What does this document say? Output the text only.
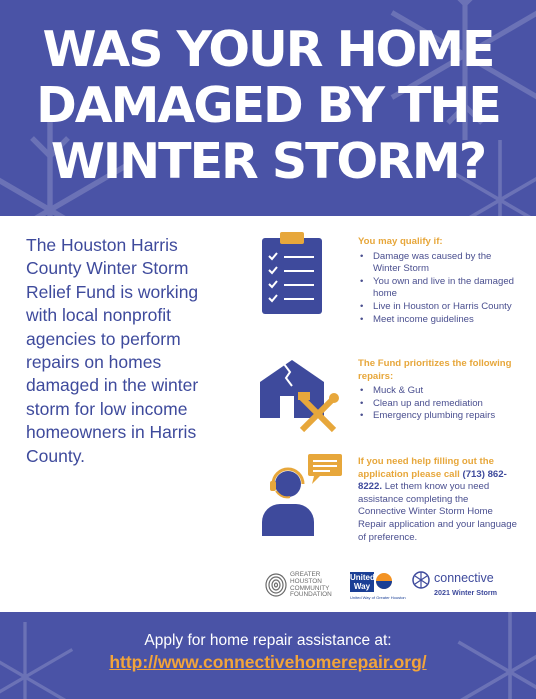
WAS YOUR HOME
DAMAGED BY THE
WINTER STORM?

The Houston Harris County Winter Storm Relief Fund is working with local nonprofit agencies to perform repairs on homes damaged in the winter storm for low income homeowners in Harris County.

You may qualify if:
• Damage was caused by the Winter Storm
• You own and live in the damaged home
• Live in Houston or Harris County
• Meet income guidelines
The Fund prioritizes the following repairs:
• Muck & Gut
• Clean up and remediation
• Emergency plumbing repairs
If you need help filling out the application please call (713) 862-8222. Let them know you need assistance completing the Connective Winter Storm Home Repair application and your language of preference.
GREATER HOUSTON COMMUNITY FOUNDATION
United Way
United Way of Greater Houston
connective
2021 Winter Storm
Apply for home repair assistance at:
http://www.connectivehomerepair.org/
